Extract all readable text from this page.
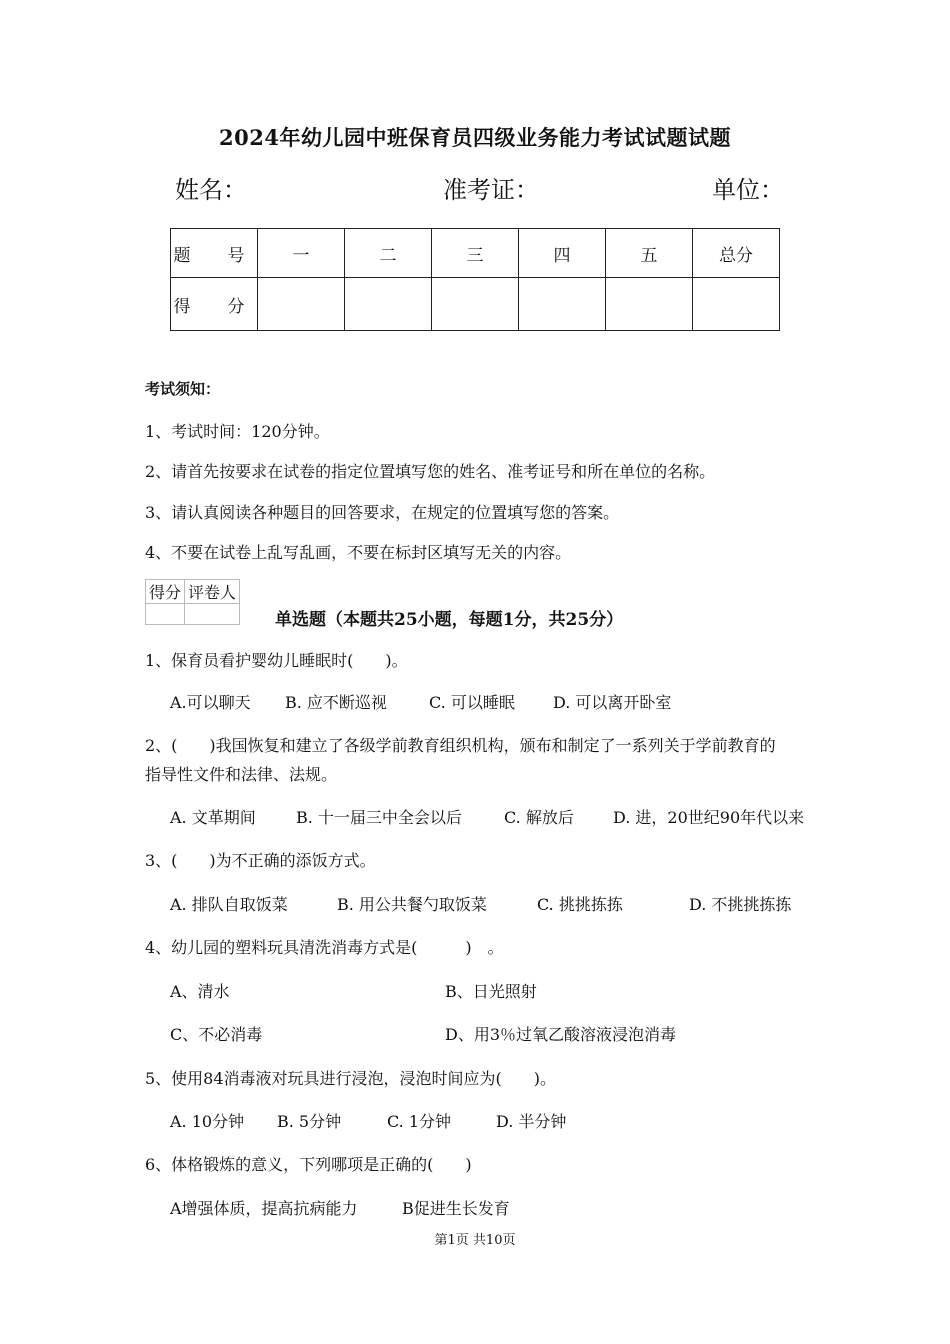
2024年幼儿园中班保育员四级业务能力考试试题试题
姓名：	准考证：	单位：
题　号	一	二	三	四	五	总分
得　分						
考试须知：
1、考试时间：120分钟。
2、请首先按要求在试卷的指定位置填写您的姓名、准考证号和所在单位的名称。
3、请认真阅读各种题目的回答要求，在规定的位置填写您的答案。
4、不要在试卷上乱写乱画，不要在标封区填写无关的内容。
得分	评卷人

单选题（本题共25小题，每题1分，共25分）
1、保育员看护婴幼儿睡眠时(　　)。
A.可以聊天 B. 应不断巡视	C. 可以睡眠 D. 可以离开卧室
2、(　　)我国恢复和建立了各级学前教育组织机构，颁布和制定了一系列关于学前教育的
指导性文件和法律、法规。
A. 文革期间	B. 十一届三中全会以后	C. 解放后 D. 进，20世纪90年代以来
3、(　　)为不正确的添饭方式。
A. 排队自取饭菜	B. 用公共餐勺取饭菜	C. 挑挑拣拣	D. 不挑挑拣拣
4、幼儿园的塑料玩具清洗消毒方式是(　　　)　。
A、清水	B、日光照射
C、不必消毒	D、用3％过氧乙酸溶液浸泡消毒
5、使用84消毒液对玩具进行浸泡，浸泡时间应为(　　)。
A. 10分钟 B. 5分钟	C. 1分钟	D. 半分钟
6、体格锻炼的意义，下列哪项是正确的(　　)
A增强体质，提高抗病能力	B促进生长发育
第1页 共10页
